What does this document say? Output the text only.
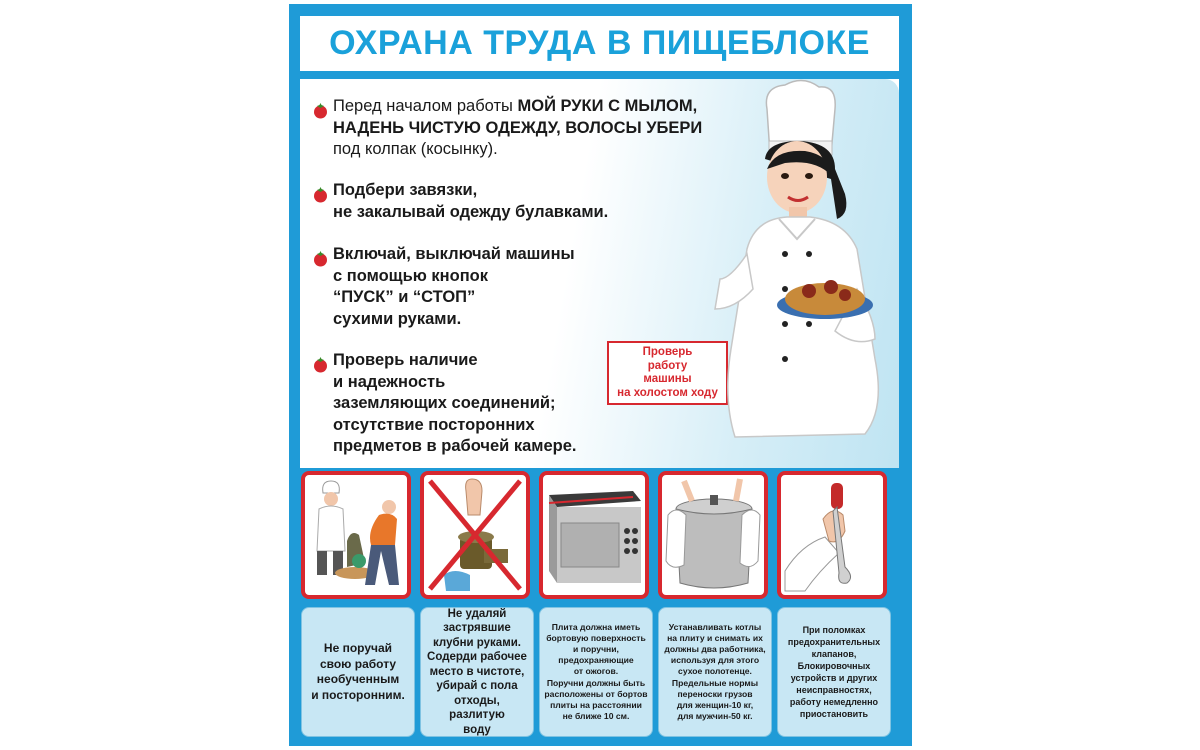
ОХРАНА ТРУДА В ПИЩЕБЛОКЕ
Перед началом работы МОЙ РУКИ С МЫЛОМ,
НАДЕНЬ ЧИСТУЮ ОДЕЖДУ, ВОЛОСЫ УБЕРИ
под колпак (косынку).
Подбери завязки,
не закалывай одежду булавками.
Включай, выключай машины
с помощью кнопок
“ПУСК” и “СТОП”
сухими руками.
Проверь наличие
и надежность
заземляющих соединений;
отсутствие посторонних
предметов в рабочей камере.
Проверь
работу
машины
на холостом ходу
Не поручай
свою работу
необученным
и посторонним.
Не удаляй
застрявшие
клубни руками.
Содерди рабочее
место в чистоте,
убирай с пола
отходы, разлитую
воду
Плита должна иметь
бортовую поверхность
и поручни,
предохраняющие
от ожогов.
Поручни должны быть
расположены от бортов
плиты на расстоянии
не ближе 10 см.
Устанавливать котлы
на плиту и снимать их
должны два работника,
используя для этого
сухое полотенце.
Предельные нормы
переноски грузов
для женщин-10 кг,
для мужчин-50 кг.
При поломках
предохранительных
клапанов,
Блокировочных
устройств и других
неисправностях,
работу немедленно
приостановить
